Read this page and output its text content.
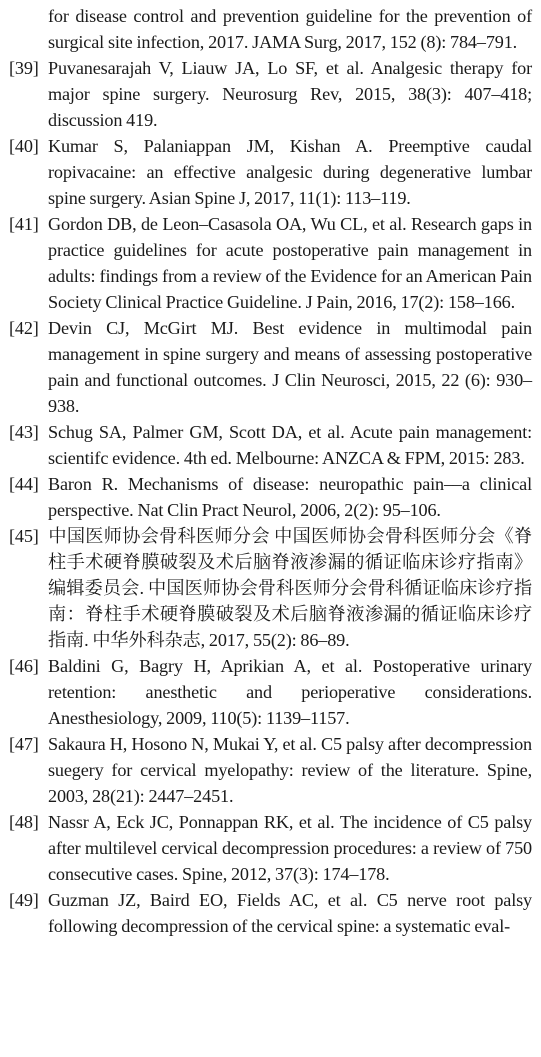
for disease control and prevention guideline for the prevention of surgical site infection, 2017. JAMA Surg, 2017, 152 (8): 784–791.
[39] Puvanesarajah V, Liauw JA, Lo SF, et al. Analgesic therapy for major spine surgery. Neurosurg Rev, 2015, 38(3): 407–418; discussion 419.
[40] Kumar S, Palaniappan JM, Kishan A. Preemptive caudal ropivacaine: an effective analgesic during degenerative lumbar spine surgery. Asian Spine J, 2017, 11(1): 113–119.
[41] Gordon DB, de Leon–Casasola OA, Wu CL, et al. Research gaps in practice guidelines for acute postoperative pain management in adults: findings from a review of the Evidence for an American Pain Society Clinical Practice Guideline. J Pain, 2016, 17(2): 158–166.
[42] Devin CJ, McGirt MJ. Best evidence in multimodal pain management in spine surgery and means of assessing postoperative pain and functional outcomes. J Clin Neurosci, 2015, 22 (6): 930–938.
[43] Schug SA, Palmer GM, Scott DA, et al. Acute pain management: scientifc evidence. 4th ed. Melbourne: ANZCA & FPM, 2015: 283.
[44] Baron R. Mechanisms of disease: neuropathic pain––a clinical perspective. Nat Clin Pract Neurol, 2006, 2(2): 95–106.
[45] 中国医师协会骨科医师分会 中国医师协会骨科医师分会《脊柱手术硬脊膜破裂及术后脑脊液渗漏的循证临床诊疗指南》编辑委员会. 中国医师协会骨科医师分会骨科循证临床诊疗指南：脊柱手术硬脊膜破裂及术后脑脊液渗漏的循证临床诊疗指南. 中华外科杂志, 2017, 55(2): 86–89.
[46] Baldini G, Bagry H, Aprikian A, et al. Postoperative urinary retention: anesthetic and perioperative considerations. Anesthesiology, 2009, 110(5): 1139–1157.
[47] Sakaura H, Hosono N, Mukai Y, et al. C5 palsy after decompression suegery for cervical myelopathy: review of the literature. Spine, 2003, 28(21): 2447–2451.
[48] Nassr A, Eck JC, Ponnappan RK, et al. The incidence of C5 palsy after multilevel cervical decompression procedures: a review of 750 consecutive cases. Spine, 2012, 37(3): 174–178.
[49] Guzman JZ, Baird EO, Fields AC, et al. C5 nerve root palsy following decompression of the cervical spine: a systematic eval-
